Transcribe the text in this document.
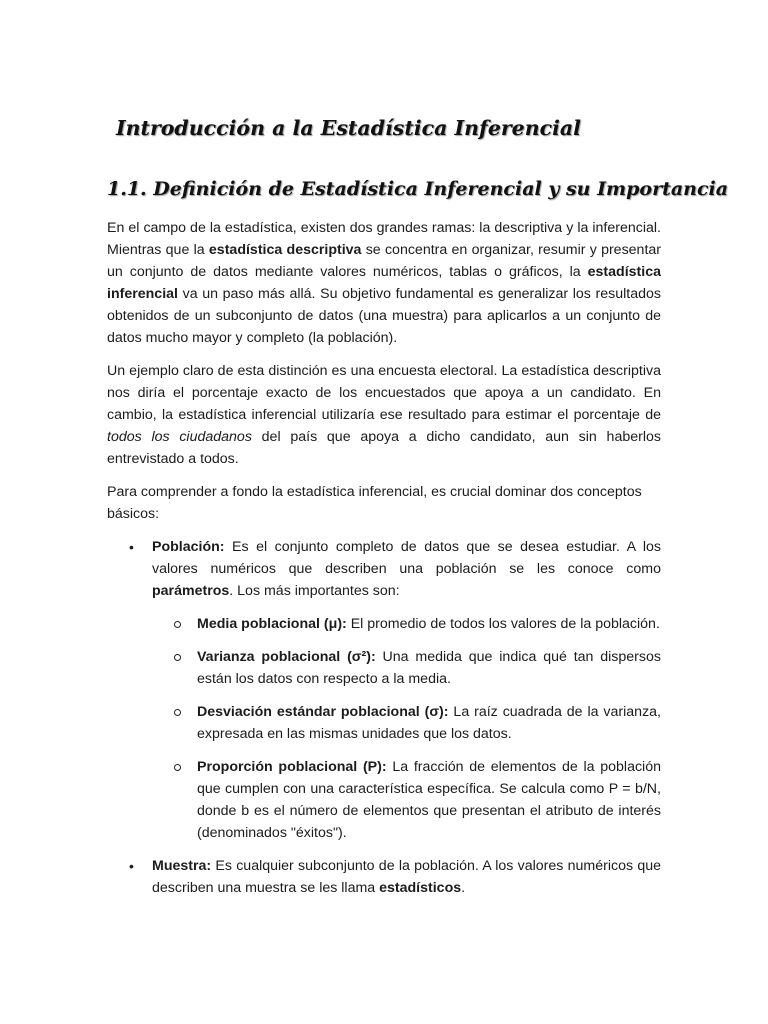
Introducción a la Estadística Inferencial
1.1. Definición de Estadística Inferencial y su Importancia

En el campo de la estadística, existen dos grandes ramas: la descriptiva y la inferencial. Mientras que la estadística descriptiva se concentra en organizar, resumir y presentar un conjunto de datos mediante valores numéricos, tablas o gráficos, la estadística inferencial va un paso más allá. Su objetivo fundamental es generalizar los resultados obtenidos de un subconjunto de datos (una muestra) para aplicarlos a un conjunto de datos mucho mayor y completo (la población).

Un ejemplo claro de esta distinción es una encuesta electoral. La estadística descriptiva nos diría el porcentaje exacto de los encuestados que apoya a un candidato. En cambio, la estadística inferencial utilizaría ese resultado para estimar el porcentaje de todos los ciudadanos del país que apoya a dicho candidato, aun sin haberlos entrevistado a todos.

Para comprender a fondo la estadística inferencial, es crucial dominar dos conceptos básicos:

• Población: Es el conjunto completo de datos que se desea estudiar. A los valores numéricos que describen una población se les conoce como parámetros. Los más importantes son:
Media poblacional (μ): El promedio de todos los valores de la población.
Varianza poblacional (σ²): Una medida que indica qué tan dispersos están los datos con respecto a la media.
Desviación estándar poblacional (σ): La raíz cuadrada de la varianza, expresada en las mismas unidades que los datos.
Proporción poblacional (P): La fracción de elementos de la población que cumplen con una característica específica. Se calcula como P = b/N, donde b es el número de elementos que presentan el atributo de interés (denominados "éxitos").
• Muestra: Es cualquier subconjunto de la población. A los valores numéricos que describen una muestra se les llama estadísticos.
